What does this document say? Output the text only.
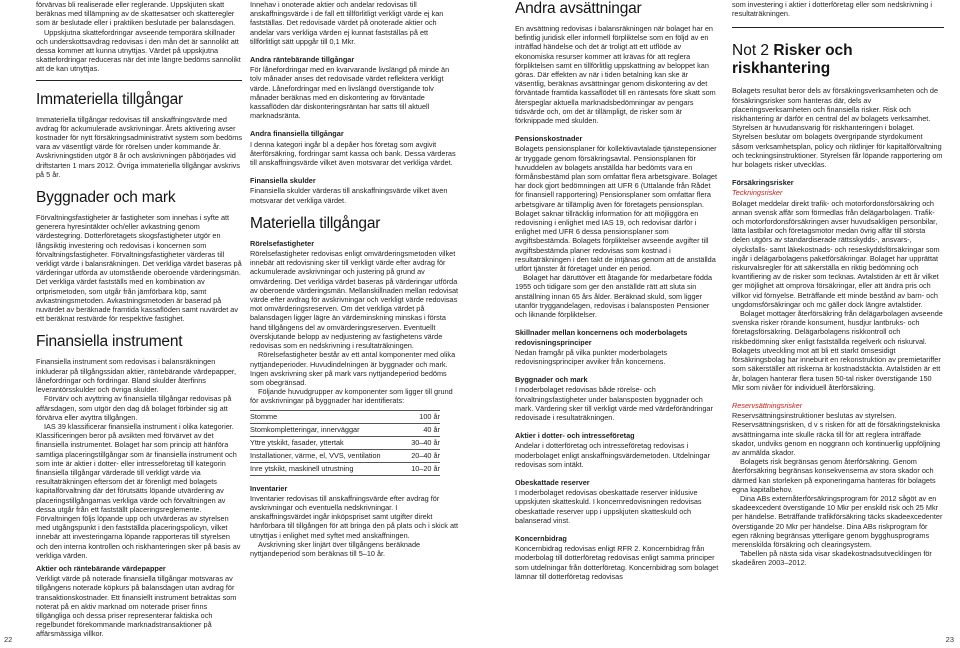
förvärvas bli realiserade eller reglerande. Uppskjuten skatt beräknas med tillämpning av de skattesatser och skatteregler som är beslutade eller i praktiken beslutade per balansdagen.

Uppskjutna skattefordringar avseende temporära skillnader och underskottsavdrag redovisas i den mån det är sannolikt att dessa kommer att kunna utnyttjas. Värdet på uppskjutna skattefordringar reduceras när det inte längre bedöms sannolikt att de kan utnyttjas.

Immateriella tillgångar

Immateriella tillgångar redovisas till anskaffningsvärde med avdrag för ackumulerade avskrivningar. Årets aktivering avser kostnader för nytt försäkringsadministrativt system som bedöms vara av väsentligt värde för rörelsen under kommande år. Avskrivningstiden utgör 8 år och avskrivningen påbörjades vid driftstarten 1 mars 2012. Övriga immateriella tillgångar avskrivs på 5 år.

Byggnader och mark

Förvaltningsfastigheter är fastigheter som innehas i syfte att generera hyresintäkter och/eller avkastning genom värdestegring. Dotterföretagets skogsfastigheter utgör en långsiktig investering och redovisas i koncernen som förvaltningsfastigheter. Förvaltningsfastigheter värderas till verkligt värde i balansräkningen. Det verkliga värdet baseras på värderingar utförda av utomstående oberoende värderingsmän. Det verkliga värdet fastställs med en kombination av ortprismetoden, som utgår från jämförbara köp, samt avkastningsmetoden. Avkastningsmetoden är baserad på nuvärdet av beräknade framtida kassaflöden samt nuvärdet av ett beräknat restvärde för respektive fastighet.

Finansiella instrument

Finansiella instrument som redovisas i balansräkningen inkluderar på tillgångssidan aktier, räntebärande värdepapper, lånefordringar och fordringar. Bland skulder återfinns leverantörsskulder och övriga skulder.

Förvärv och avyttring av finansiella tillgångar redovisas på affärsdagen, som utgör den dag då bolaget förbinder sig att förvärva eller avyttra tillgången.

IAS 39 klassificerar finansiella instrument i olika kategorier. Klassificeringen beror på avsikten med förvärvet av det finansiella instrumentet. Bolaget har som princip att hänföra samtliga placeringstillgångar som är finansiella instrument och som inte är aktier i dotter- eller intresseföretag till kategorin finansiella tillgångar värderade till verkligt värde via resultaträkningen eftersom det är förenligt med bolagets kapitalförvaltning där det förutsätts löpande utvärdering av placeringstillgångarnas verkliga värde och förvaltningen av dessa utgår från ett fastställt placeringsreglemente. Förvaltningen följs löpande upp och utvärderas av styrelsen med utgångspunkt i den fastställda placeringspolicyn, vilket innebär att investeringarna löpande rapporteras till styrelsen och den interna kontrollen och riskhanteringen sker på basis av verkliga värden.

Aktier och räntebärande värdepapper

Verkligt värde på noterade finansiella tillgångar motsvaras av tillgångens noterade köpkurs på balansdagen utan avdrag för transaktionskostnader. Ett finansiellt instrument betraktas som noterat på en aktiv marknad om noterade priser finns tillgängliga och dessa priser representerar faktiska och regelbundet förekommande marknadstransaktioner på affärsmässiga villkor.

Innehav i onoterade aktier och andelar redovisas till anskaffningsvärde i de fall ett tillförlitligt verkligt värde ej kan fastställas. Det redovisade värdet på onoterade aktier och andelar vars verkliga värden ej kunnat fastställas på ett tillförlitligt sätt uppgår till 0,1 Mkr.

Andra räntebärande tillgångar

För lånefordringar med en kvarvarande livslängd på minde än tolv månader anses det redovisade värdet reflektera verkligt värde. Lånefordringar med en livslängd överstigande tolv månader beräknas med en diskontering av förväntade kassaflöden där diskonteringsräntan har satts till aktuell marknadsränta.

Andra finansiella tillgångar

I denna kategori ingår bl a depåer hos företag som avgivit återförsäkring, fordringar samt kassa och bank. Dessa värderas till anskaffningsvärde vilket även motsvarar det verkliga värdet.

Finansiella skulder

Finansiella skulder värderas till anskaffningsvärde vilket även motsvarar det verkliga värdet.

Materiella tillgångar
Rörelsefastigheter

Rörelsefastigheter redovisas enligt omvärderingsmetoden vilket innebär att redovisning sker till verkligt värde efter avdrag för ackumulerade avskrivningar och justering på grund av omvärdering. Det verkliga värdet baseras på värderingar utförda av oberoende värderingsmän. Mellanskillnaden mellan redovisat värde efter avdrag för avskrivningar och verkligt värde redovisas mot omvärderingsreserven. Om det verkliga värdet på balansdagen ligger lägre än värdeminskning minskas i första hand tillgångens del av omvärderingsreserven. Eventuellt överskjutande belopp av nedjustering av fastighetens värde redovisas som en nedskrivning i resultaträkningen.

Rörelsefastigheter består av ett antal komponenter med olika nyttjandeperioder. Huvudindelningen är byggnader och mark. Ingen avskrivning sker på mark vars nyttjandeperiod bedöms som obegränsad.

Följande huvudgrupper av komponenter som ligger till grund för avskrivningar på byggnader har identifierats:

Stomme	100 år
Stomkompletteringar, innerväggar	40 år
Yttre ytskikt, fasader, yttertak	30–40 år
Installationer, värme, el, VVS, ventilation	20–40 år
Inre ytskikt, maskinell utrustning	10–20 år
Inventarier

Inventarier redovisas till anskaffningsvärde efter avdrag för avskrivningar och eventuella nedskrivningar. I anskaffningsvärdet ingår inköpspriset samt utgifter direkt hänförbara till tillgången för att bringa den på plats och i skick att utnyttjas i enlighet med syftet med anskaffningen.

Avskrivning sker linjärt över tillgångens beräknade nyttjandeperiod som beräknas till 5–10 år.

Andra avsättningar

En avsättning redovisas i balansräkningen när bolaget har en befintlig juridisk eller informell förpliktelse som en följd av en inträffad händelse och det är troligt att ett utflöde av ekonomiska resurser kommer att krävas för att reglera förpliktelsen samt en tillförlitlig uppskattning av beloppet kan göras. Där effekten av när i tiden betalning kan ske är väsentlig, beräknas avsättningar genom diskontering av det förväntade framtida kassaflödet till en räntesats före skatt som återspeglar aktuella marknadsbedömningar av pengars tidsvärde och, om det är tillämpligt, de risker som är förknippade med skulden.

Pensionskostnader

Bolagets pensionsplaner för kollektivavtalade tjänstepensioner är tryggade genom försäkringsavtal. Pensionsplanen för huvuddelen av bolagets anställda har bedömts vara en förmånsbestämd plan som omfattar flera arbetsgivare. Bolaget har dock gjort bedömningen att UFR 6 (Uttalande från Rådet för finansiell rapportering) Pensionsplaner som omfattar flera arbetsgivare är tillämplig även för företagets pensionsplan. Bolaget saknar tillräcklig information för att möjliggöra en redovisning i enlighet med IAS 19, och redovisar därför i enlighet med UFR 6 dessa pensionsplaner som avgiftsbestämda. Bolagets förpliktelser avseende avgifter till avgiftsbestämda planer redovisas som kostnad i resultaträkningen i den takt de intjänas genom att de anställda utfört tjänster åt företaget under en period.

Bolaget har däruttöver ett åtagande för medarbetare födda 1955 och tidigare som ger den anställde rätt att sluta sin anställning innan 65 års ålder. Beräknad skuld, som ligger utanför tryggandelagen, redovisas i balansposten Pensioner och liknande förpliktelser.

Skillnader mellan koncernens och moderbolagets redovisningsprinciper

Nedan framgår på vilka punkter moderbolagets redovisningsprinciper avviker från koncernens.

Byggnader och mark

I moderbolaget redovisas både rörelse- och förvaltningsfastigheter under balansposten byggnader och mark. Värdering sker till verkligt värde med värdeförändringar redovisade i resultaträkningen.

Aktier i dotter- och intresseföretag

Andelar i dotterföretag och intresseföretag redovisas i moderbolaget enligt anskaffningsvärdemetoden. Utdelningar redovisas som intäkt.

Obeskattade reserver

I moderbolaget redovisas obeskattade reserver inklusive uppskjuten skatteskuld. I koncernredovisningen redovisas obeskattade reserver upp i uppskjuten skatteskuld och balanserad vinst.

Koncernbidrag

Koncernbidrag redovisas enligt RFR 2. Koncernbidrag från moderbolag till dotterföretag redovisas enligt samma principer som utdelningar från dotterföretag. Koncernbidrag som bolaget lämnar till dotterföretag redovisas

som investering i aktier i dotterföretag eller som nedskrivning i resultaträkningen.

Not 2 Risker och riskhantering

Bolagets resultat beror dels av försäkringsverksamheten och de försäkringsrisker som hanteras där, dels av placeringsverksamheten och finansiella risker. Risk och riskhantering är därför en central del av bolagets verksamhet. Styrelsen är huvudansvarig för riskhanteringen i bolaget. Styrelsen beslutar om bolagets övergripande styrdokument såsom verksamhetsplan, policy och riktlinjer för kapitalförvaltning och teckningsinstruktioner. Styrelsen får löpande rapportering om hur bolagets risker utvecklas.

Försäkringsrisker
Teckningsrisker

Bolaget meddelar direkt trafik- och motorfordonsförsäkring och annan svensk affär som förmedlas från delägarbolagen. Trafik- och motorfordonsförsäkringen avser huvudsakligen personbilar, lätta lastbilar och företagsmotor medan övrig affär till största delen utgörs av standardiserade rättsskydds-, ansvars-, olycksfalls- samt läkekostnads- och reseskyddsförsäkringar som ingår i delägarbolagens paketförsäkringar. Bolaget har upprättat riskurvalsregler för att säkerställa en riktig bedömning och kvantifiering av de risker som tecknas. Avtalstiden är ett år vilket ger möjlighet att omprova försäkringar, eller att ändra pris och villkor vid förnyelse. Beträffande ett minde bestånd av barn- och ungdomsförsäkringar och mc gäller dock längre avtalstider.

Bolaget mottager återförsäkring från delägarbolagen avseende svenska risker rörande konsument, husdjur lantbruks- och företagsförsäkring. Delägarbolagens riskkontroll och riskbedömning sker enligt fastställda regelverk och riskurval. Bolagets utveckling mot att bli ett starkt ömsesidigt försäkringsbolag har inneburit en rekonstruktion av premietariffer som säkerställer att riskerna är kostnadstäckta. Avtalstiden är ett år, bolagen hanterar flera tusen 50-tal risker överstigande 150 Mkr som nivåer för individuell återförsäkring.

Reservsättningsrisker

Reservsättningsinstruktioner beslutas av styrelsen. Reservsättningsrisken, d v s risken för att de försäkringstekniska avsättningarna inte skulle räcka till för att reglera inträffade skador, undviks genom en noggrann och kontinuerlig uppföljning av anmälda skador.

Bolagets risk begränsas genom återförsäkring. Genom återförsäkring begränsas konsekvenserna av stora skador och därmed kan storleken på exponeringarna hanteras för bolagets egna kapitalbehov.

Dina ABs externåterförsäkringsprogram för 2012 sågöt av en skadeexcedent överstigande 10 Mkr per enskild risk och 25 Mkr per händelse. Beträffande trafikförsäkring täcks skadeexcedenter överstigande 20 Mkr per händelse. Dina ABs riskprogram för egen räkning begränsas ytterligare genom bygghusprograms merenskilda försäkring och clearingsystem.

Tabellen på nästa sida visar skadekostnadsutvecklingen för skadeåren 2003–2012.

22	23
